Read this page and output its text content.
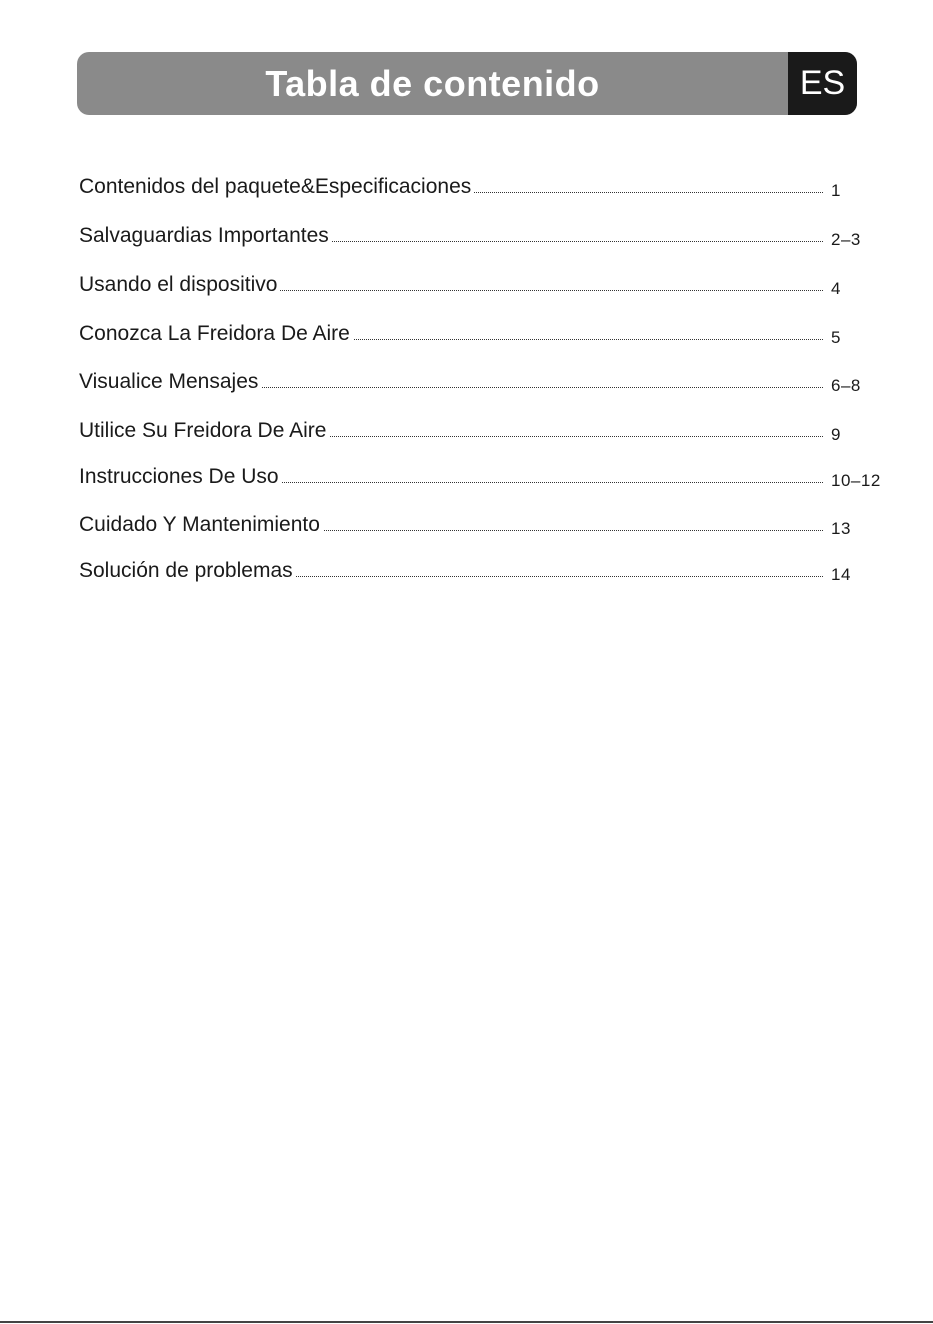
Tabla de contenido	ES
Contenidos del paquete&Especificaciones	1
Salvaguardias Importantes	2–3
Usando el dispositivo	4
Conozca La Freidora De Aire	5
Visualice Mensajes	6–8
Utilice Su Freidora De Aire	9
Instrucciones De Uso	10–12
Cuidado Y Mantenimiento	13
Solución de problemas	14
